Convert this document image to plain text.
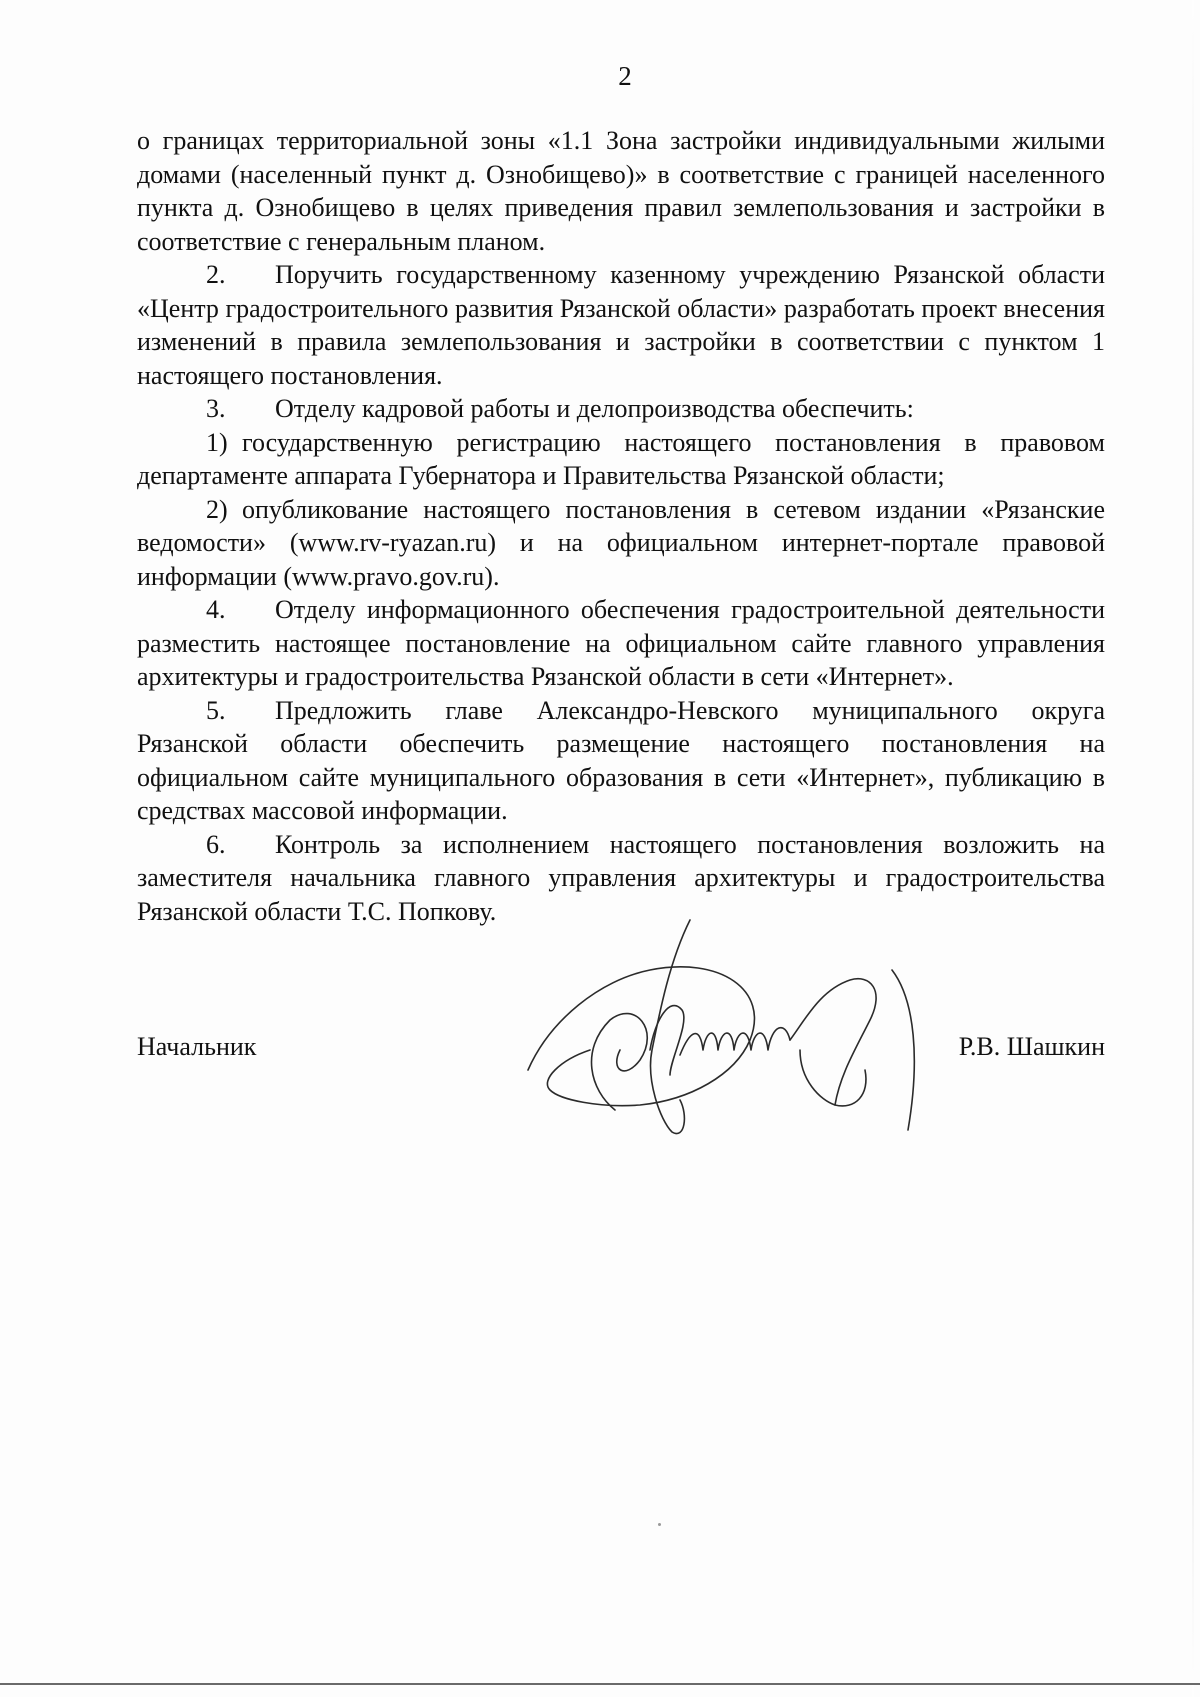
2

о границах территориальной зоны «1.1 Зона застройки индивидуальными жилыми домами (населенный пункт д. Ознобищево)» в соответствие с границей населенного пункта д. Ознобищево в целях приведения правил землепользования и застройки в соответствие с генеральным планом.

2. Поручить государственному казенному учреждению Рязанской области «Центр градостроительного развития Рязанской области» разработать проект внесения изменений в правила землепользования и застройки в соответствии с пунктом 1 настоящего постановления.

3. Отделу кадровой работы и делопроизводства обеспечить:

1) государственную регистрацию настоящего постановления в правовом департаменте аппарата Губернатора и Правительства Рязанской области;

2) опубликование настоящего постановления в сетевом издании «Рязанские ведомости» (www.rv-ryazan.ru) и на официальном интернет-портале правовой информации (www.pravo.gov.ru).

4. Отделу информационного обеспечения градостроительной деятельности разместить настоящее постановление на официальном сайте главного управления архитектуры и градостроительства Рязанской области в сети «Интернет».

5. Предложить главе Александро-Невского муниципального округа Рязанской области обеспечить размещение настоящего постановления на официальном сайте муниципального образования в сети «Интернет», публикацию в средствах массовой информации.

6. Контроль за исполнением настоящего постановления возложить на заместителя начальника главного управления архитектуры и градостроительства Рязанской области Т.С. Попкову.

Начальник	Р.В. Шашкин
